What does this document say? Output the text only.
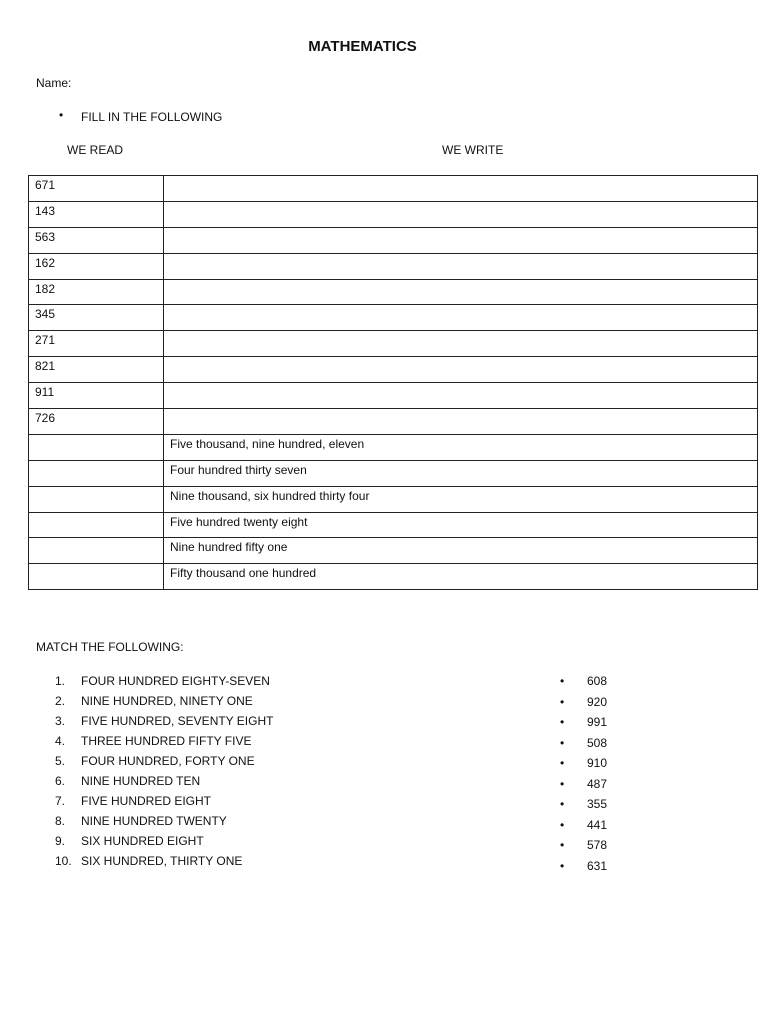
MATHEMATICS
Name:
• FILL IN THE FOLLOWING
WE READ	WE WRITE
671	
143	
563	
162	
182	
345	
271	
821	
911	
726	
	Five thousand, nine hundred, eleven
	Four hundred thirty seven
	Nine thousand, six hundred thirty four
	Five hundred twenty eight
	Nine hundred fifty one
	Fifty thousand one hundred
MATCH THE FOLLOWING:
1.	FOUR HUNDRED EIGHTY-SEVEN
2.	NINE HUNDRED, NINETY ONE
3.	FIVE HUNDRED, SEVENTY EIGHT
4.	THREE HUNDRED FIFTY FIVE
5.	FOUR HUNDRED, FORTY ONE
6.	NINE HUNDRED TEN
7.	FIVE HUNDRED EIGHT
8.	NINE HUNDRED TWENTY
9.	SIX HUNDRED EIGHT
10. SIX HUNDRED, THIRTY ONE
•	608
•	920
•	991
•	508
•	910
•	487
•	355
•	441
•	578
•	631
